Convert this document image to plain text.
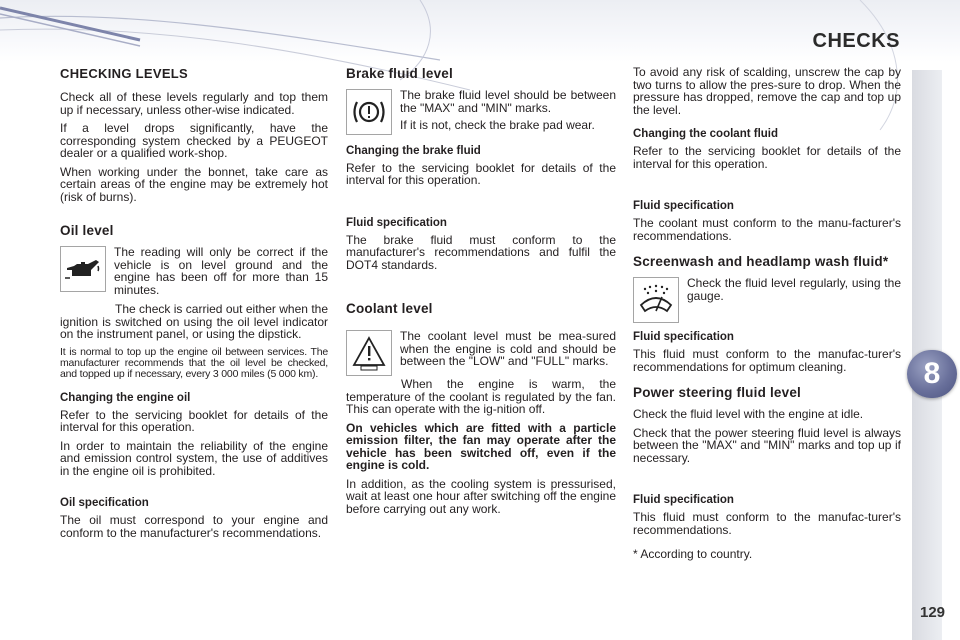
CHECKS
8
129
CHECKING LEVELS

Check all of these levels regularly and top them up if necessary, unless other-wise indicated.

If a level drops significantly, have the corresponding system checked by a PEUGEOT dealer or a qualified work-shop.

When working under the bonnet, take care as certain areas of the engine may be extremely hot (risk of burns).

Oil level

The reading will only be correct if the vehicle is on level ground and the engine has been off for more than 15 minutes.

The check is carried out either when the ignition is switched on using the oil level indicator on the instrument panel, or using the dipstick.

It is normal to top up the engine oil between services. The manufacturer recommends that the oil level be checked, and topped up if necessary, every 3 000 miles (5 000 km).

Changing the engine oil

Refer to the servicing booklet for details of the interval for this operation.

In order to maintain the reliability of the engine and emission control system, the use of additives in the engine oil is prohibited.

Oil specification

The oil must correspond to your engine and conform to the manufacturer's recommendations.

Brake fluid level

The brake fluid level should be between the "MAX" and "MIN" marks.

If it is not, check the brake pad wear.

Changing the brake fluid

Refer to the servicing booklet for details of the interval for this operation.

Fluid specification

The brake fluid must conform to the manufacturer's recommendations and fulfil the DOT4 standards.

Coolant level

The coolant level must be mea-sured when the engine is cold and should be between the "LOW" and "FULL" marks.

When the engine is warm, the temperature of the coolant is regulated by the fan. This can operate with the ig-nition off.

On vehicles which are fitted with a particle emission filter, the fan may operate after the vehicle has been switched off, even if the engine is cold.

In addition, as the cooling system is pressurised, wait at least one hour after switching off the engine before carrying out any work.

To avoid any risk of scalding, unscrew the cap by two turns to allow the pres-sure to drop. When the pressure has dropped, remove the cap and top up the level.

Changing the coolant fluid

Refer to the servicing booklet for details of the interval for this operation.

Fluid specification

The coolant must conform to the manu-facturer's recommendations.

Screenwash and headlamp wash fluid*

Check the fluid level regularly, using the gauge.

Fluid specification

This fluid must conform to the manufac-turer's recommendations for optimum cleaning.

Power steering fluid level

Check the fluid level with the engine at idle.

Check that the power steering fluid level is always between the "MAX" and "MIN" marks and top up if necessary.

Fluid specification

This fluid must conform to the manufac-turer's recommendations.

* According to country.
